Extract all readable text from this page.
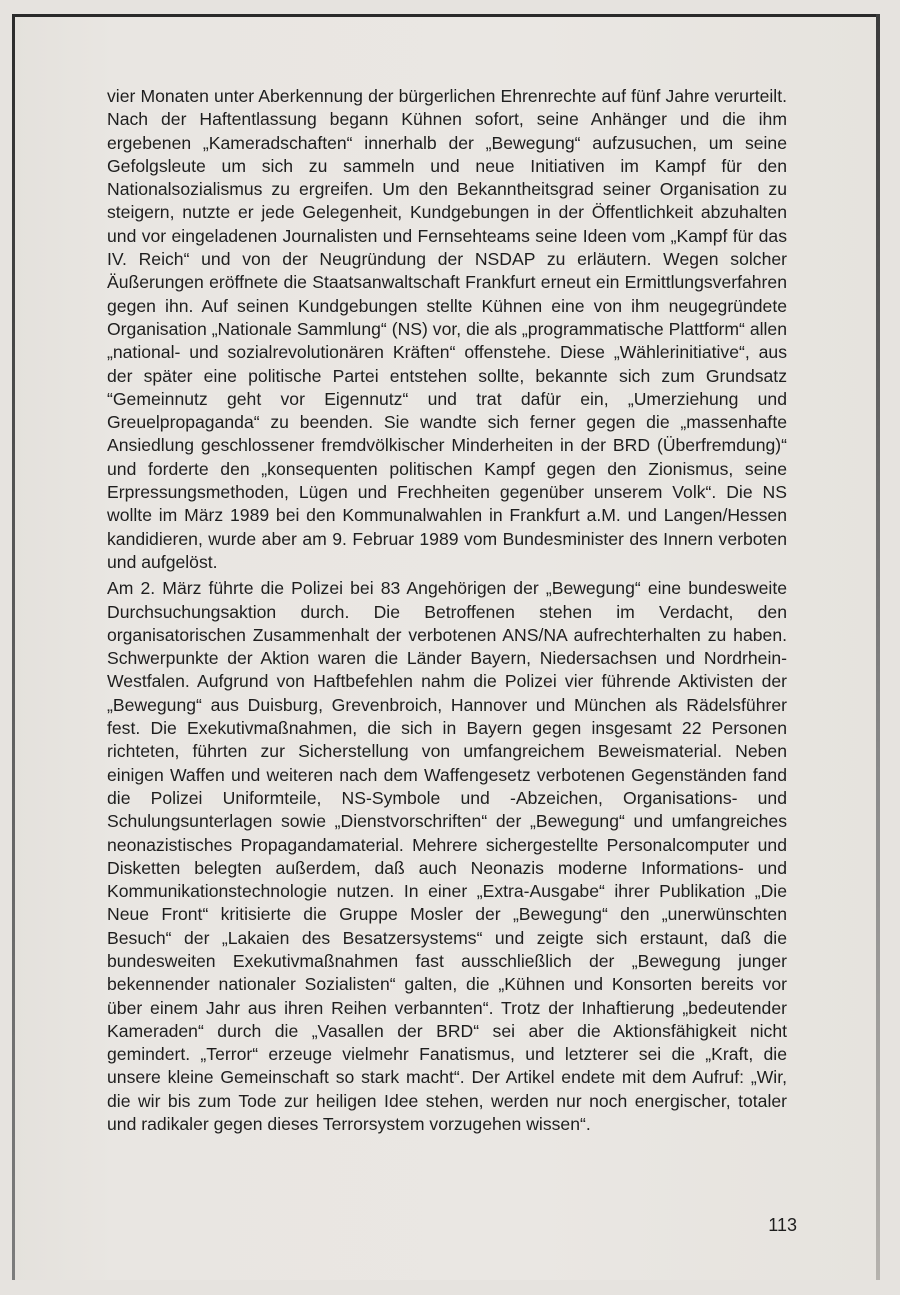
vier Monaten unter Aberkennung der bürgerlichen Ehrenrechte auf fünf Jahre verurteilt. Nach der Haftentlassung begann Kühnen sofort, seine Anhänger und die ihm ergebenen „Kameradschaften“ innerhalb der „Bewegung“ aufzusuchen, um seine Gefolgsleute um sich zu sammeln und neue Initiativen im Kampf für den Nationalsozialismus zu ergreifen. Um den Bekanntheitsgrad seiner Organisation zu steigern, nutzte er jede Gelegenheit, Kundgebungen in der Öffentlichkeit abzuhalten und vor eingeladenen Journalisten und Fernsehteams seine Ideen vom „Kampf für das IV. Reich“ und von der Neugründung der NSDAP zu erläutern. Wegen solcher Äußerungen eröffnete die Staatsanwaltschaft Frankfurt erneut ein Ermittlungsverfahren gegen ihn. Auf seinen Kundgebungen stellte Kühnen eine von ihm neugegründete Organisation „Nationale Sammlung“ (NS) vor, die als „programmatische Plattform“ allen „national- und sozialrevolutionären Kräften“ offenstehe. Diese „Wählerinitiative“, aus der später eine politische Partei entstehen sollte, bekannte sich zum Grundsatz “Gemeinnutz geht vor Eigennutz“ und trat dafür ein, „Umerziehung und Greuelpropaganda“ zu beenden. Sie wandte sich ferner gegen die „massenhafte Ansiedlung geschlossener fremdvölkischer Minderheiten in der BRD (Überfremdung)“ und forderte den „konsequenten politischen Kampf gegen den Zionismus, seine Erpressungsmethoden, Lügen und Frechheiten gegenüber unserem Volk“. Die NS wollte im März 1989 bei den Kommunalwahlen in Frankfurt a.M. und Langen/Hessen kandidieren, wurde aber am 9. Februar 1989 vom Bundesminister des Innern verboten und aufgelöst.

Am 2. März führte die Polizei bei 83 Angehörigen der „Bewegung“ eine bundesweite Durchsuchungsaktion durch. Die Betroffenen stehen im Verdacht, den organisatorischen Zusammenhalt der verbotenen ANS/NA aufrechterhalten zu haben. Schwerpunkte der Aktion waren die Länder Bayern, Niedersachsen und Nordrhein-Westfalen. Aufgrund von Haftbefehlen nahm die Polizei vier führende Aktivisten der „Bewegung“ aus Duisburg, Grevenbroich, Hannover und München als Rädelsführer fest. Die Exekutivmaßnahmen, die sich in Bayern gegen insgesamt 22 Personen richteten, führten zur Sicherstellung von umfangreichem Beweismaterial. Neben einigen Waffen und weiteren nach dem Waffengesetz verbotenen Gegenständen fand die Polizei Uniformteile, NS-Symbole und -Abzeichen, Organisations- und Schulungsunterlagen sowie „Dienstvorschriften“ der „Bewegung“ und umfangreiches neonazistisches Propagandamaterial. Mehrere sichergestellte Personalcomputer und Disketten belegten außerdem, daß auch Neonazis moderne Informations- und Kommunikationstechnologie nutzen. In einer „Extra-Ausgabe“ ihrer Publikation „Die Neue Front“ kritisierte die Gruppe Mosler der „Bewegung“ den „unerwünschten Besuch“ der „Lakaien des Besatzersystems“ und zeigte sich erstaunt, daß die bundesweiten Exekutivmaßnahmen fast ausschließlich der „Bewegung junger bekennender nationaler Sozialisten“ galten, die „Kühnen und Konsorten bereits vor über einem Jahr aus ihren Reihen verbannten“. Trotz der Inhaftierung „bedeutender Kameraden“ durch die „Vasallen der BRD“ sei aber die Aktionsfähigkeit nicht gemindert. „Terror“ erzeuge vielmehr Fanatismus, und letzterer sei die „Kraft, die unsere kleine Gemeinschaft so stark macht“. Der Artikel endete mit dem Aufruf: „Wir, die wir bis zum Tode zur heiligen Idee stehen, werden nur noch energischer, totaler und radikaler gegen dieses Terrorsystem vorzugehen wissen“.

113
